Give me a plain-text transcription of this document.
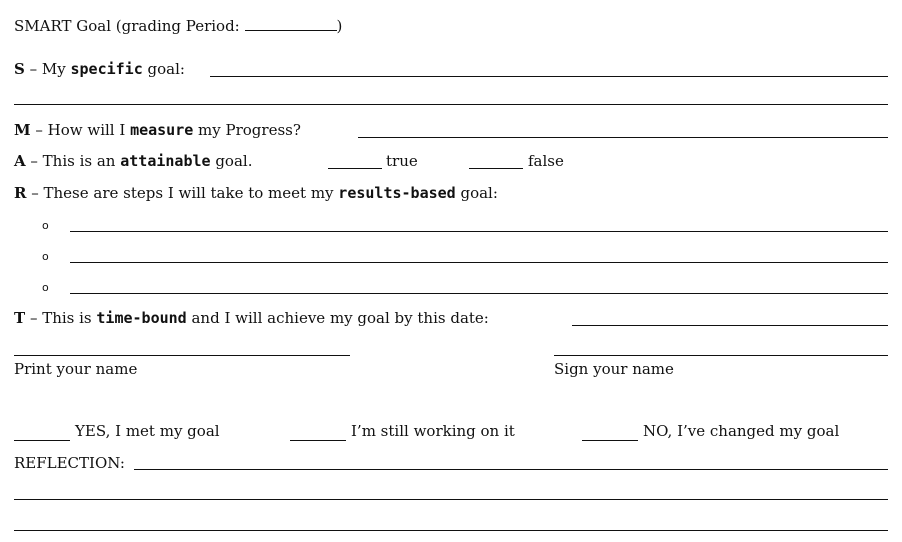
SMART Goal (grading Period:	)
S – My specific goal:
M – How will I measure my Progress?
A – This is an attainable goal.	true	false
R – These are steps I will take to meet my results-based goal:
o
o
o
T – This is time-bound and I will achieve my goal by this date:
Print your name	Sign your name
YES, I met my goal	I’m still working on it	NO, I’ve changed my goal
REFLECTION:
